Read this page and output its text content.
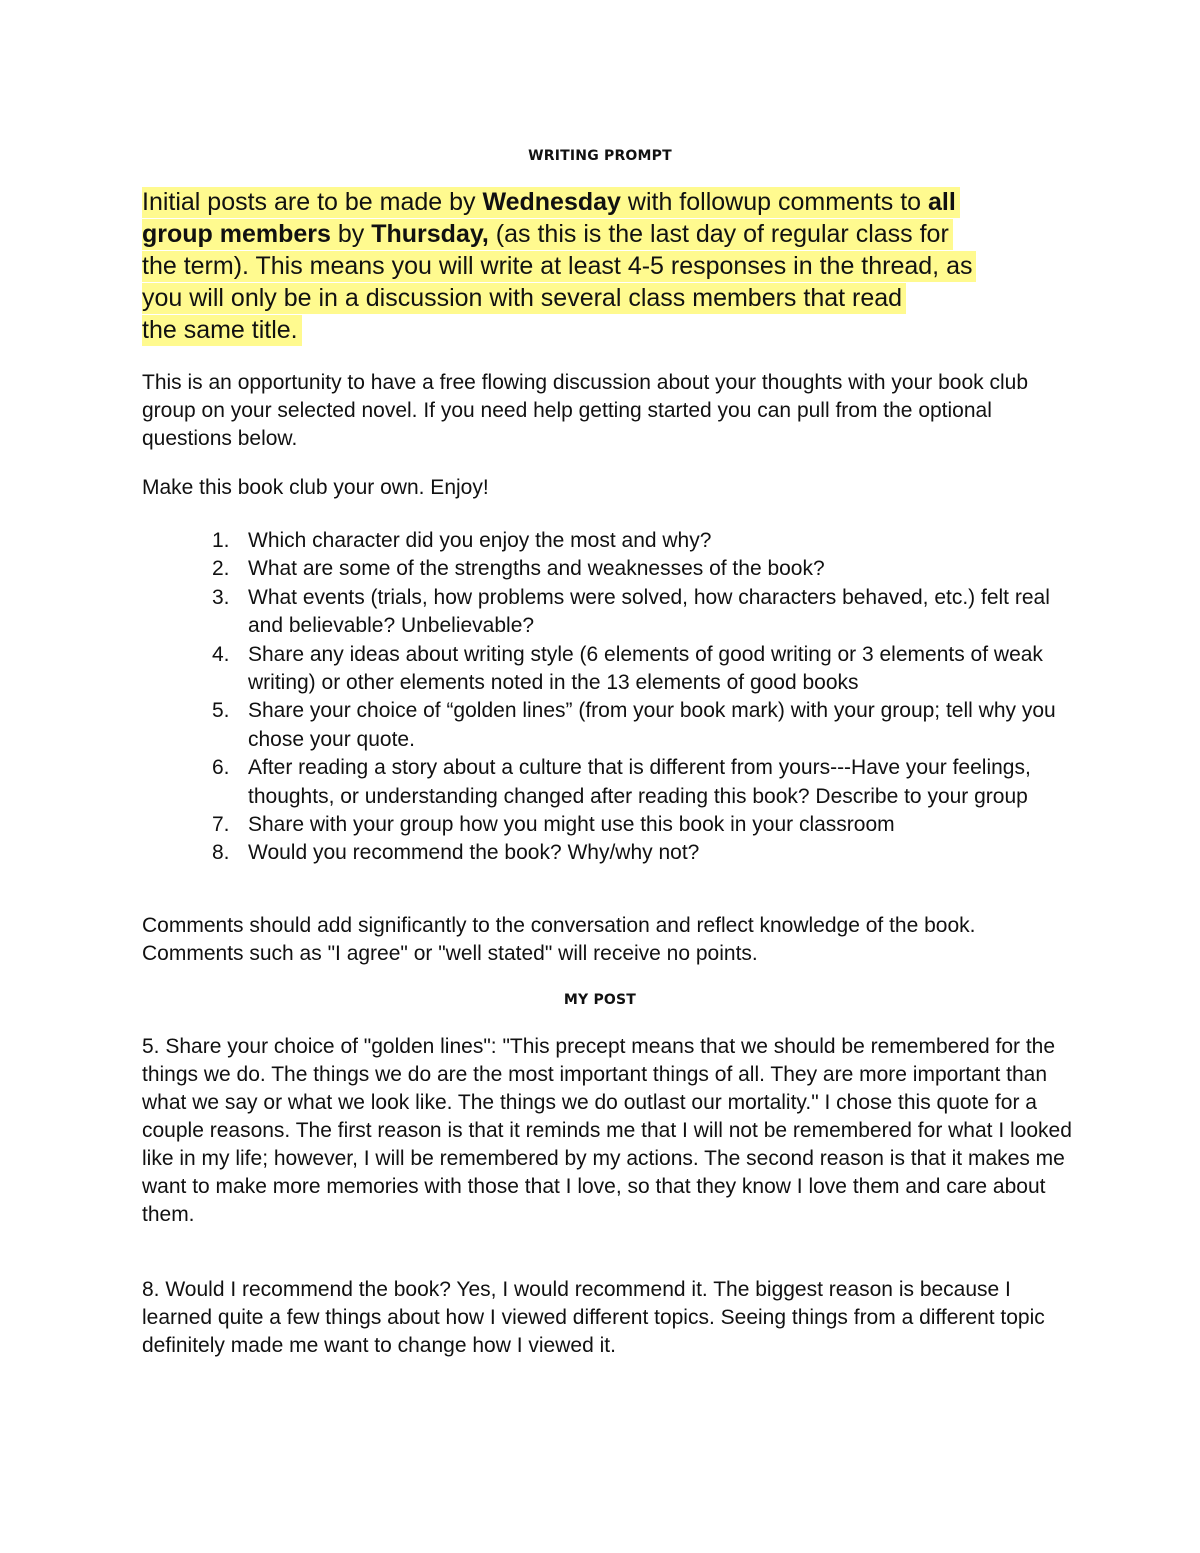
WRITING PROMPT
Initial posts are to be made by Wednesday with followup comments to all
group members by Thursday, (as this is the last day of regular class for
the term). This means you will write at least 4-5 responses in the thread, as
you will only be in a discussion with several class members that read
the same title.

This is an opportunity to have a free flowing discussion about your thoughts with your book club group on your selected novel. If you need help getting started you can pull from the optional questions below.

Make this book club your own. Enjoy!

1. Which character did you enjoy the most and why?
2. What are some of the strengths and weaknesses of the book?
3. What events (trials, how problems were solved, how characters behaved, etc.) felt real and believable? Unbelievable?
4. Share any ideas about writing style (6 elements of good writing or 3 elements of weak writing) or other elements noted in the 13 elements of good books
5. Share your choice of “golden lines” (from your book mark) with your group; tell why you chose your quote.
6. After reading a story about a culture that is different from yours---Have your feelings, thoughts, or understanding changed after reading this book? Describe to your group
7. Share with your group how you might use this book in your classroom
8. Would you recommend the book? Why/why not?

Comments should add significantly to the conversation and reflect knowledge of the book. Comments such as "I agree" or "well stated" will receive no points.

MY POST

5. Share your choice of "golden lines": "This precept means that we should be remembered for the things we do. The things we do are the most important things of all. They are more important than what we say or what we look like. The things we do outlast our mortality." I chose this quote for a couple reasons. The first reason is that it reminds me that I will not be remembered for what I looked like in my life; however, I will be remembered by my actions. The second reason is that it makes me want to make more memories with those that I love, so that they know I love them and care about them.

8. Would I recommend the book? Yes, I would recommend it. The biggest reason is because I learned quite a few things about how I viewed different topics. Seeing things from a different topic definitely made me want to change how I viewed it.
